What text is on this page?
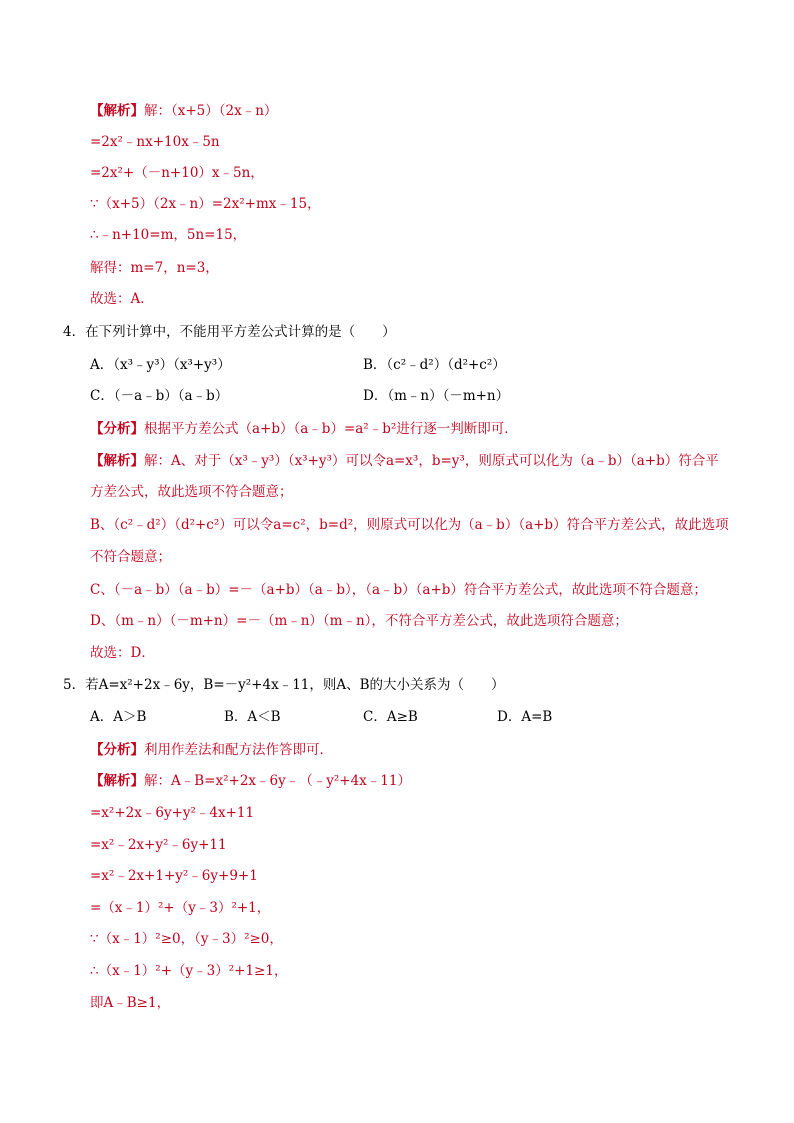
【解析】解：（x+5）（2x﹣n）
=2x²﹣nx+10x﹣5n
=2x²+（－n+10）x﹣5n，
∵（x+5）（2x﹣n）=2x²+mx﹣15，
∴﹣n+10=m，5n=15，
解得：m=7，n=3，
故选：A．
4．在下列计算中，不能用平方差公式计算的是（　　）
A．（x³﹣y³）（x³+y³）	B．（c²﹣d²）（d²+c²）
C．（－a﹣b）（a﹣b）	D．（m﹣n）（－m+n）
【分析】根据平方差公式（a+b）（a﹣b）=a²﹣b²进行逐一判断即可．
【解析】解：A、对于（x³﹣y³）（x³+y³）可以令a=x³，b=y³，则原式可以化为（a﹣b）（a+b）符合平
方差公式，故此选项不符合题意；
B、（c²﹣d²）（d²+c²）可以令a=c²，b=d²，则原式可以化为（a﹣b）（a+b）符合平方差公式，故此选项
不符合题意；
C、（－a﹣b）（a﹣b）=－（a+b）（a﹣b），（a﹣b）（a+b）符合平方差公式，故此选项不符合题意；
D、（m﹣n）（－m+n）=－（m﹣n）（m﹣n），不符合平方差公式，故此选项符合题意；
故选：D．
5．若A=x²+2x﹣6y，B=－y²+4x﹣11，则A、B的大小关系为（　　）
A．A＞B	B．A＜B	C．A≥B	D．A=B
【分析】利用作差法和配方法作答即可．
【解析】解：A﹣B=x²+2x﹣6y﹣（﹣y²+4x﹣11）
=x²+2x﹣6y+y²﹣4x+11
=x²﹣2x+y²﹣6y+11
=x²﹣2x+1+y²﹣6y+9+1
=（x﹣1）²+（y﹣3）²+1，
∵（x﹣1）²≥0，（y﹣3）²≥0，
∴（x﹣1）²+（y﹣3）²+1≥1，
即A﹣B≥1，
